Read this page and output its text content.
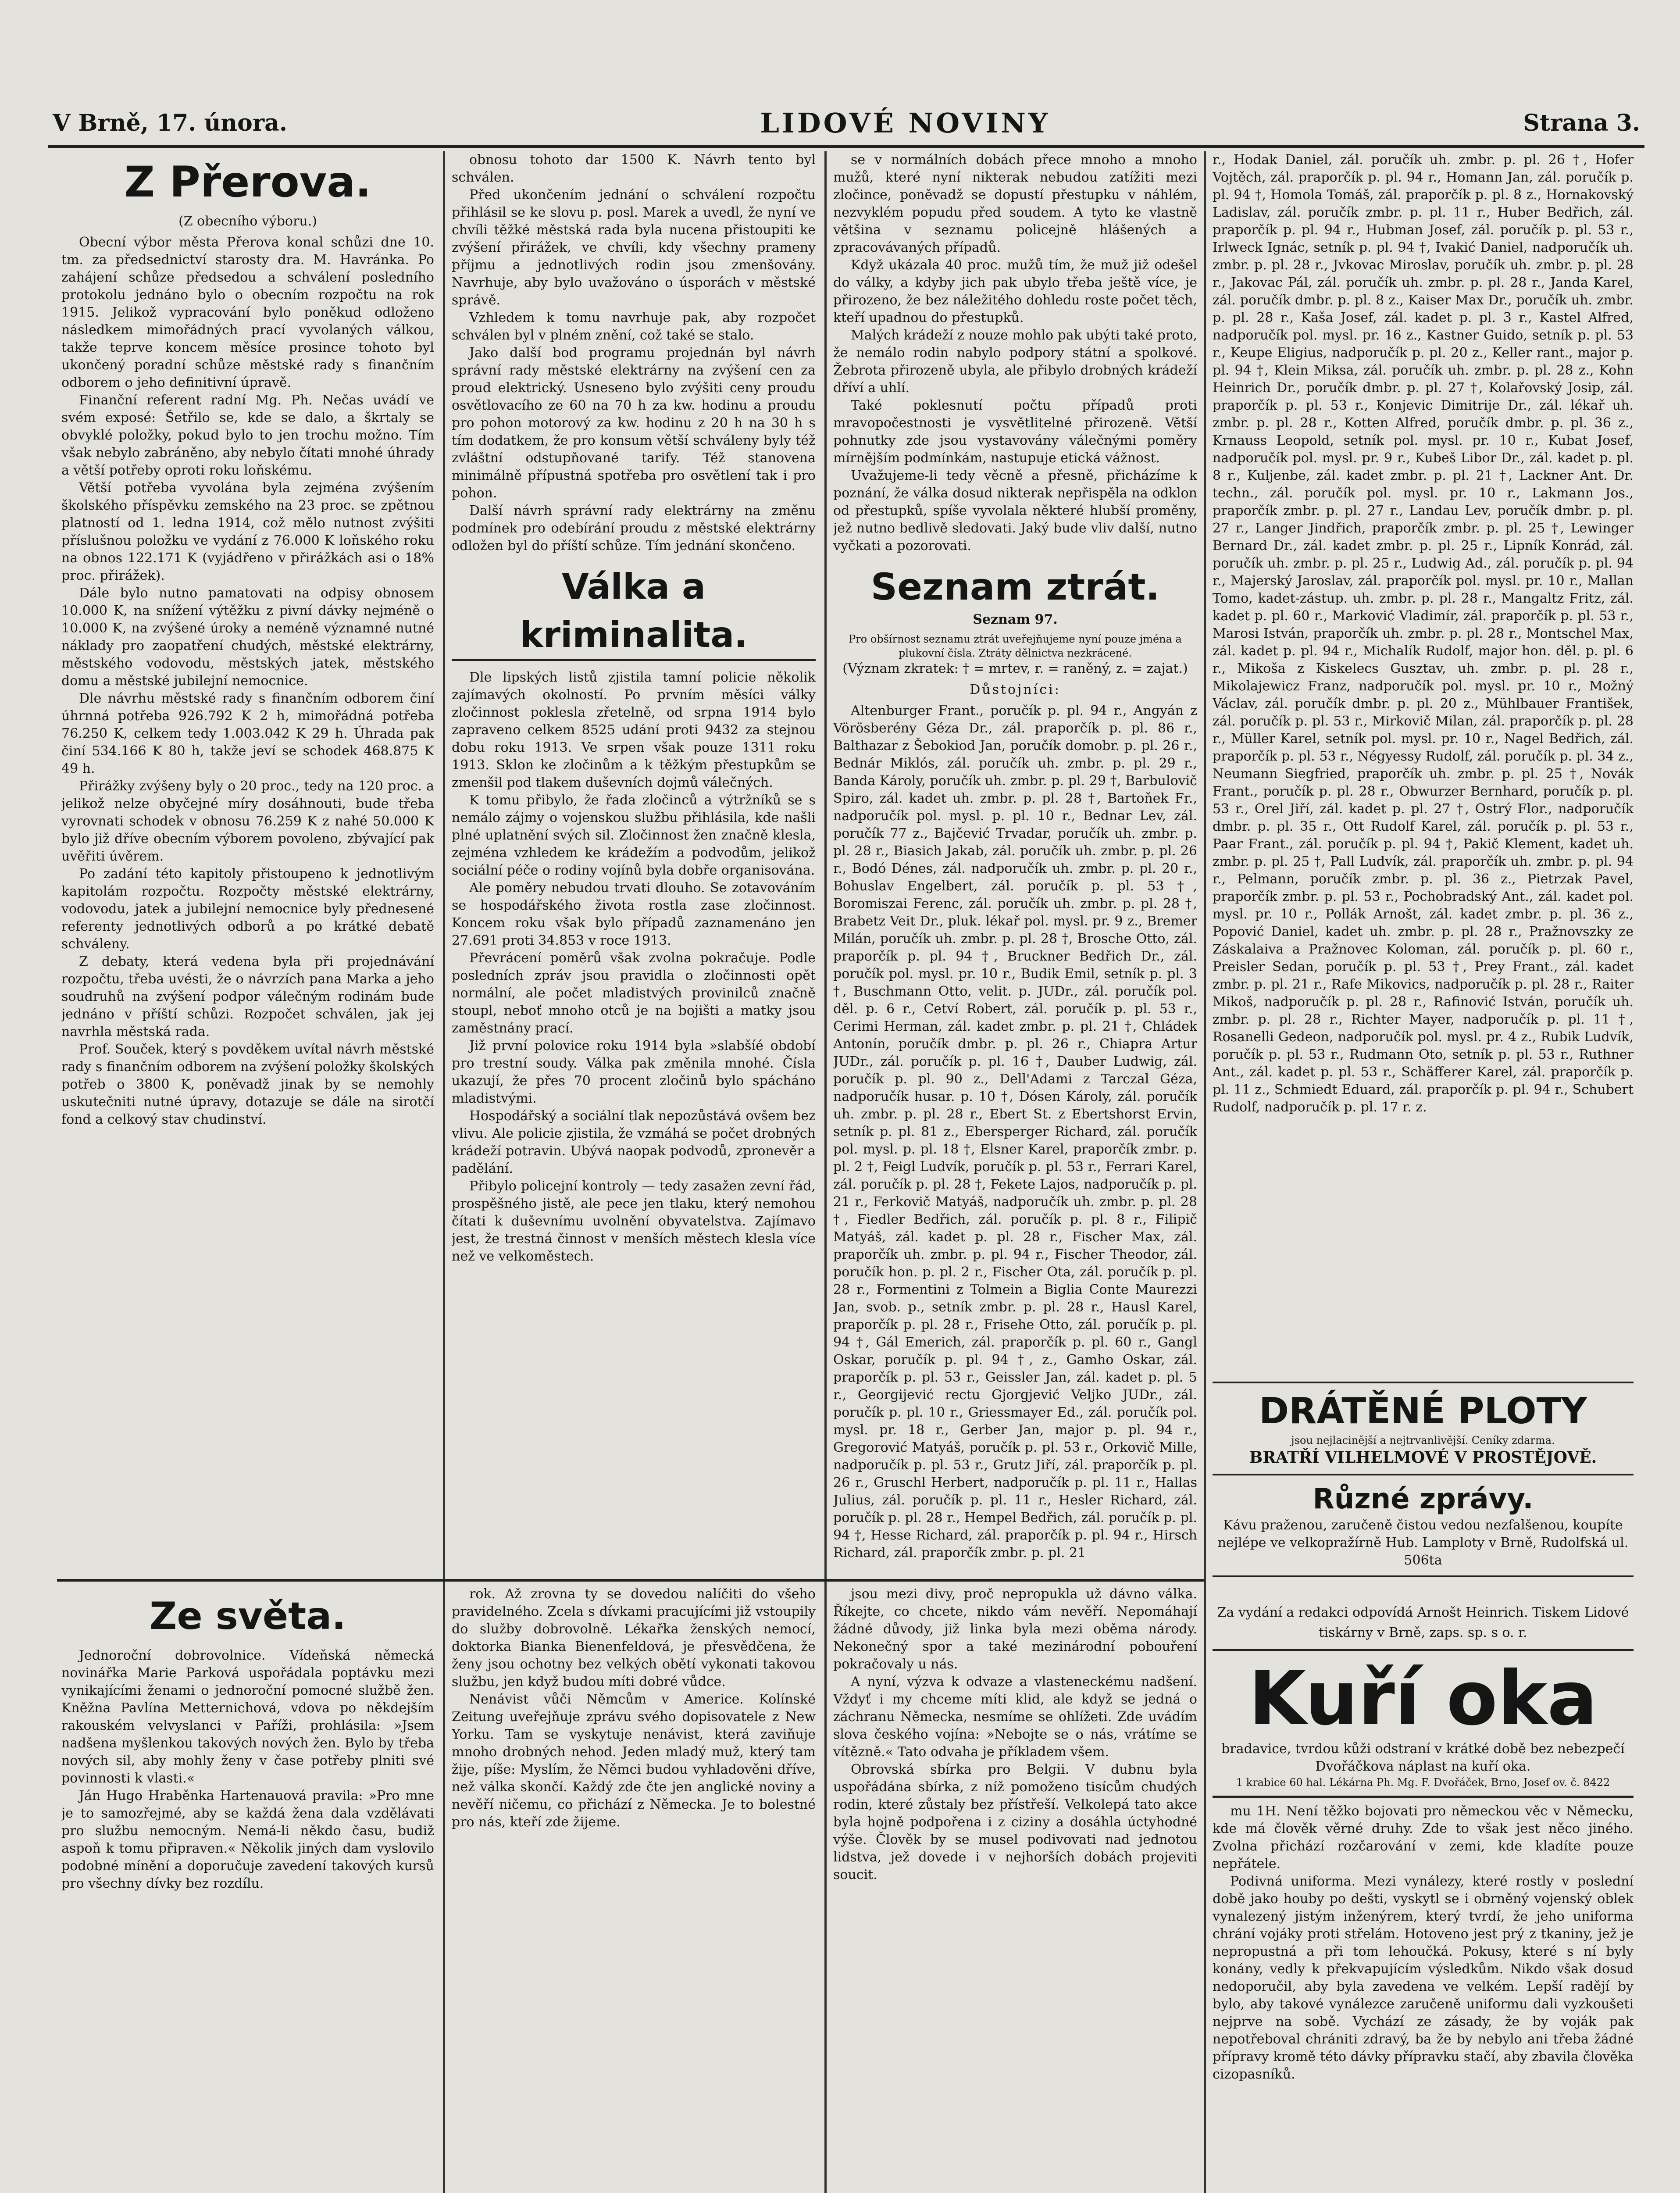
V Brně, 17. února.	LIDOVÉ NOVINY	Strana 3.
Z Přerova.
(Z obecního výboru.)

Obecní výbor města Přerova konal schůzi dne 10. tm. za předsednictví starosty dra. M. Havránka. Po zahájení schůze předsedou a schválení posledního protokolu jednáno bylo o obecním rozpočtu na rok 1915. Jelikož vypracování bylo poněkud odloženo následkem mimořádných prací vyvolaných válkou, takže teprve koncem měsíce prosince tohoto byl ukončený poradní schůze městské rady s finančním odborem o jeho definitivní úpravě.

Finanční referent radní Mg. Ph. Nečas uvádí ve svém exposé: Šetřilo se, kde se dalo, a škrtaly se obvyklé položky, pokud bylo to jen trochu možno. Tím však nebylo zabráněno, aby nebylo čítati mnohé úhrady a větší potřeby oproti roku loňskému.

Větší potřeba vyvolána byla zejména zvýšením školského příspěvku zemského na 23 proc. se zpětnou platností od 1. ledna 1914, což mělo nutnost zvýšiti příslušnou položku ve vydání z 76.000 K loňského roku na obnos 122.171 K (vyjádřeno v přirážkách asi o 18% proc. přirážek).

Dále bylo nutno pamatovati na odpisy obnosem 10.000 K, na snížení výtěžku z pivní dávky nejméně o 10.000 K, na zvýšené úroky a neméně významné nutné náklady pro zaopatření chudých, městské elektrárny, městského vodovodu, městských jatek, městského domu a městské jubilejní nemocnice.

Dle návrhu městské rady s finančním odborem činí úhrnná potřeba 926.792 K 2 h, mimořádná potřeba 76.250 K, celkem tedy 1.003.042 K 29 h. Úhrada pak činí 534.166 K 80 h, takže jeví se schodek 468.875 K 49 h.

Přirážky zvýšeny byly o 20 proc., tedy na 120 proc. a jelikož nelze obyčejné míry dosáhnouti, bude třeba vyrovnati schodek v obnosu 76.259 K z nahé 50.000 K bylo již dříve obecním výborem povoleno, zbývající pak uvěřiti úvěrem.

Po zadání této kapitoly přistoupeno k jednotlivým kapitolám rozpočtu. Rozpočty městské elektrárny, vodovodu, jatek a jubilejní nemocnice byly přednesené referenty jednotlivých odborů a po krátké debatě schváleny.

Z debaty, která vedena byla při projednávání rozpočtu, třeba uvésti, že o návrzích pana Marka a jeho soudruhů na zvýšení podpor válečným rodinám bude jednáno v příští schůzi. Rozpočet schválen, jak jej navrhla městská rada.

Prof. Souček, který s povděkem uvítal návrh městské rady s finančním odborem na zvýšení položky školských potřeb o 3800 K, poněvadž jinak by se nemohly uskutečniti nutné úpravy, dotazuje se dále na sirotčí fond a celkový stav chudinství.

Ze světa.

Jednoroční dobrovolnice. Vídeňská německá novinářka Marie Parková uspořádala poptávku mezi vynikajícími ženami o jednoroční pomocné službě žen. Kněžna Pavlína Metternichová, vdova po někdejším rakouském velvyslanci v Paříži, prohlásila: »Jsem nadšena myšlenkou takových nových žen. Bylo by třeba nových sil, aby mohly ženy v čase potřeby plniti své povinnosti k vlasti.«

Ján Hugo Hraběnka Hartenauová pravila: »Pro mne je to samozřejmé, aby se každá žena dala vzdělávati pro službu nemocným. Nemá-li někdo času, budiž aspoň k tomu připraven.« Několik jiných dam vyslovilo podobné mínění a doporučuje zavedení takových kursů pro všechny dívky bez rozdílu.

obnosu tohoto dar 1500 K. Návrh tento byl schválen.

Před ukončením jednání o schválení rozpočtu přihlásil se ke slovu p. posl. Marek a uvedl, že nyní ve chvíli těžké městská rada byla nucena přistoupiti ke zvýšení přirážek, ve chvíli, kdy všechny prameny příjmu a jednotlivých rodin jsou zmenšovány. Navrhuje, aby bylo uvažováno o úsporách v městské správě.

Vzhledem k tomu navrhuje pak, aby rozpočet schválen byl v plném znění, což také se stalo.

Jako další bod programu projednán byl návrh správní rady městské elektrárny na zvýšení cen za proud elektrický. Usneseno bylo zvýšiti ceny proudu osvětlovacího ze 60 na 70 h za kw. hodinu a proudu pro pohon motorový za kw. hodinu z 20 h na 30 h s tím dodatkem, že pro konsum větší schváleny byly též zvláštní odstupňované tarify. Též stanovena minimálně přípustná spotřeba pro osvětlení tak i pro pohon.

Další návrh správní rady elektrárny na změnu podmínek pro odebírání proudu z městské elektrárny odložen byl do příští schůze. Tím jednání skončeno.

Válka a kriminalita.

Dle lipských listů zjistila tamní policie několik zajímavých okolností. Po prvním měsíci války zločinnost poklesla zřetelně, od srpna 1914 bylo zapraveno celkem 8525 udání proti 9432 za stejnou dobu roku 1913. Ve srpen však pouze 1311 roku 1913. Sklon ke zločinům a k těžkým přestupkům se zmenšil pod tlakem duševních dojmů válečných.

K tomu přibylo, že řada zločinců a výtržníků se s nemálo zájmy o vojenskou službu přihlásila, kde našli plné uplatnění svých sil. Zločinnost žen značně klesla, zejména vzhledem ke krádežím a podvodům, jelikož sociální péče o rodiny vojínů byla dobře organisována.

Ale poměry nebudou trvati dlouho. Se zotavováním se hospodářského života rostla zase zločinnost. Koncem roku však bylo případů zaznamenáno jen 27.691 proti 34.853 v roce 1913.

Převrácení poměrů však zvolna pokračuje. Podle posledních zpráv jsou pravidla o zločinnosti opět normální, ale počet mladistvých provinilců značně stoupl, neboť mnoho otců je na bojišti a matky jsou zaměstnány prací.

Již první polovice roku 1914 byla »slabšíé období pro trestní soudy. Válka pak změnila mnohé. Čísla ukazují, že přes 70 procent zločinů bylo spácháno mladistvými.

Hospodářský a sociální tlak nepozůstává ovšem bez vlivu. Ale policie zjistila, že vzmáhá se počet drobných krádeží potravin. Ubývá naopak podvodů, zpronevěr a padělání.

Přibylo policejní kontroly — tedy zasažen zevní řád, prospěšného jistě, ale pece jen tlaku, který nemohou čítati k duševnímu uvolnění obyvatelstva. Zajímavo jest, že trestná činnost v menších městech klesla více než ve velkoměstech.

rok. Až zrovna ty se dovedou nalíčiti do všeho pravidelného. Zcela s dívkami pracujícími již vstoupily do služby dobrovolně. Lékařka ženských nemocí, doktorka Bianka Bienenfeldová, je přesvědčena, že ženy jsou ochotny bez velkých obětí vykonati takovou službu, jen když budou míti dobré vůdce.

Nenávist vůči Němcům v Americe. Kolínské Zeitung uveřejňuje zprávu svého dopisovatele z New Yorku. Tam se vyskytuje nenávist, která zaviňuje mnoho drobných nehod. Jeden mladý muž, který tam žije, píše: Myslím, že Němci budou vyhladověni dříve, než válka skončí. Každý zde čte jen anglické noviny a nevěří ničemu, co přichází z Německa. Je to bolestné pro nás, kteří zde žijeme.

se v normálních dobách přece mnoho a mnoho mužů, které nyní nikterak nebudou zatížiti mezi zločince, poněvadž se dopustí přestupku v náhlém, nezvyklém popudu před soudem. A tyto ke vlastně většina v seznamu policejně hlášených a zpracovávaných případů.

Když ukázala 40 proc. mužů tím, že muž již odešel do války, a kdyby jich pak ubylo třeba ještě více, je přirozeno, že bez náležitého dohledu roste počet těch, kteří upadnou do přestupků.

Malých krádeží z nouze mohlo pak ubýti také proto, že nemálo rodin nabylo podpory státní a spolkové. Žebrota přirozeně ubyla, ale přibylo drobných krádeží dříví a uhlí.

Také poklesnutí počtu případů proti mravopočestnosti je vysvětlitelné přirozeně. Větší pohnutky zde jsou vystavovány válečnými poměry mírnějším podmínkám, nastupuje etická vážnost.

Uvažujeme-li tedy věcně a přesně, přicházíme k poznání, že válka dosud nikterak nepřispěla na odklon od přestupků, spíše vyvolala některé hlubší proměny, jež nutno bedlivě sledovati. Jaký bude vliv další, nutno vyčkati a pozorovati.

Seznam ztrát.
Seznam 97.
Pro obšírnost seznamu ztrát uveřejňujeme nyní pouze jména a plukovní čísla. Ztráty dělnictva nezkrácené.
(Význam zkratek: † = mrtev, r. = raněný, z. = zajat.)
Důstojníci:

Altenburger Frant., poručík p. pl. 94 r., Angyán z Vörösberény Géza Dr., zál. praporčík p. pl. 86 r., Balthazar z Šebokiod Jan, poručík domobr. p. pl. 26 r., Bednár Miklós, zál. poručík uh. zmbr. p. pl. 29 r., Banda Károly, poručík uh. zmbr. p. pl. 29 †, Barbulovič Spiro, zál. kadet uh. zmbr. p. pl. 28 †, Bartoňek Fr., nadporučík pol. mysl. p. pl. 10 r., Bednar Lev, zál. poručík 77 z., Bajčević Trvadar, poručík uh. zmbr. p. pl. 28 r., Biasich Jakab, zál. poručík uh. zmbr. p. pl. 26 r., Bodó Dénes, zál. nadporučík uh. zmbr. p. pl. 20 r., Bohuslav Engelbert, zál. poručík p. pl. 53 †, Boromiszai Ferenc, zál. poručík uh. zmbr. p. pl. 28 †, Brabetz Veit Dr., pluk. lékař pol. mysl. pr. 9 z., Bremer Milán, poručík uh. zmbr. p. pl. 28 †, Brosche Otto, zál. praporčík p. pl. 94 †, Bruckner Bedřich Dr., zál. poručík pol. mysl. pr. 10 r., Budik Emil, setník p. pl. 3 †, Buschmann Otto, velit. p. JUDr., zál. poručík pol. děl. p. 6 r., Cetví Robert, zál. poručík p. pl. 53 r., Cerimi Herman, zál. kadet zmbr. p. pl. 21 †, Chládek Antonín, poručík dmbr. p. pl. 26 r., Chiapra Artur JUDr., zál. poručík p. pl. 16 †, Dauber Ludwig, zál. poručík p. pl. 90 z., Dell'Adami z Tarczal Géza, nadporučík husar. p. 10 †, Dósen Károly, zál. poručík uh. zmbr. p. pl. 28 r., Ebert St. z Ebertshorst Ervin, setník p. pl. 81 z., Ebersperger Richard, zál. poručík pol. mysl. p. pl. 18 †, Elsner Karel, praporčík zmbr. p. pl. 2 †, Feigl Ludvík, poručík p. pl. 53 r., Ferrari Karel, zál. poručík p. pl. 28 †, Fekete Lajos, nadporučík p. pl. 21 r., Ferkovič Matyáš, nadporučík uh. zmbr. p. pl. 28 †, Fiedler Bedřich, zál. poručík p. pl. 8 r., Filipič Matyáš, zál. kadet p. pl. 28 r., Fischer Max, zál. praporčík uh. zmbr. p. pl. 94 r., Fischer Theodor, zál. poručík hon. p. pl. 2 r., Fischer Ota, zál. poručík p. pl. 28 r., Formentini z Tolmein a Biglia Conte Maurezzi Jan, svob. p., setník zmbr. p. pl. 28 r., Hausl Karel, praporčík p. pl. 28 r., Frisehe Otto, zál. poručík p. pl. 94 †, Gál Emerich, zál. praporčík p. pl. 60 r., Gangl Oskar, poručík p. pl. 94 †, z., Gamho Oskar, zál. praporčík p. pl. 53 r., Geissler Jan, zál. kadet p. pl. 5 r., Georgijević rectu Gjorgjević Veljko JUDr., zál. poručík p. pl. 10 r., Griessmayer Ed., zál. poručík pol. mysl. pr. 18 r., Gerber Jan, major p. pl. 94 r., Gregorović Matyáš, poručík p. pl. 53 r., Orkovič Mille, nadporučík p. pl. 53 r., Grutz Jiří, zál. praporčík p. pl. 26 r., Gruschl Herbert, nadporučík p. pl. 11 r., Hallas Julius, zál. poručík p. pl. 11 r., Hesler Richard, zál. poručík p. pl. 28 r., Hempel Bedřich, zál. poručík p. pl. 94 †, Hesse Richard, zál. praporčík p. pl. 94 r., Hirsch Richard, zál. praporčík zmbr. p. pl. 21

jsou mezi divy, proč nepropukla už dávno válka. Říkejte, co chcete, nikdo vám nevěří. Nepomáhají žádné důvody, již linka byla mezi oběma národy. Nekonečný spor a také mezinárodní pobouření pokračovaly u nás.

A nyní, výzva k odvaze a vlasteneckému nadšení. Vždyť i my chceme míti klid, ale když se jedná o záchranu Německa, nesmíme se ohlížeti. Zde uvádím slova českého vojína: »Nebojte se o nás, vrátíme se vítězně.« Tato odvaha je příkladem všem.

Obrovská sbírka pro Belgii. V dubnu byla uspořádána sbírka, z níž pomoženo tisícům chudých rodin, které zůstaly bez přístřeší. Velkolepá tato akce byla hojně podpořena i z ciziny a dosáhla úctyhodné výše. Člověk by se musel podivovati nad jednotou lidstva, jež dovede i v nejhorších dobách projeviti soucit.

r., Hodak Daniel, zál. poručík uh. zmbr. p. pl. 26 †, Hofer Vojtěch, zál. praporčík p. pl. 94 r., Homann Jan, zál. poručík p. pl. 94 †, Homola Tomáš, zál. praporčík p. pl. 8 z., Hornakovský Ladislav, zál. poručík zmbr. p. pl. 11 r., Huber Bedřich, zál. praporčík p. pl. 94 r., Hubman Josef, zál. poručík p. pl. 53 r., Irlweck Ignác, setník p. pl. 94 †, Ivakić Daniel, nadporučík uh. zmbr. p. pl. 28 r., Jvkovac Miroslav, poručík uh. zmbr. p. pl. 28 r., Jakovac Pál, zál. poručík uh. zmbr. p. pl. 28 r., Janda Karel, zál. poručík dmbr. p. pl. 8 z., Kaiser Max Dr., poručík uh. zmbr. p. pl. 28 r., Kaša Josef, zál. kadet p. pl. 3 r., Kastel Alfred, nadporučík pol. mysl. pr. 16 z., Kastner Guido, setník p. pl. 53 r., Keupe Eligius, nadporučík p. pl. 20 z., Keller rant., major p. pl. 94 †, Klein Miksa, zál. poručík uh. zmbr. p. pl. 28 z., Kohn Heinrich Dr., poručík dmbr. p. pl. 27 †, Kolařovský Josip, zál. praporčík p. pl. 53 r., Konjevic Dimitrije Dr., zál. lékař uh. zmbr. p. pl. 28 r., Kotten Alfred, poručík dmbr. p. pl. 36 z., Krnauss Leopold, setník pol. mysl. pr. 10 r., Kubat Josef, nadporučík pol. mysl. pr. 9 r., Kubeš Libor Dr., zál. kadet p. pl. 8 r., Kuljenbe, zál. kadet zmbr. p. pl. 21 †, Lackner Ant. Dr. techn., zál. poručík pol. mysl. pr. 10 r., Lakmann Jos., praporčík zmbr. p. pl. 27 r., Landau Lev, poručík dmbr. p. pl. 27 r., Langer Jindřich, praporčík zmbr. p. pl. 25 †, Lewinger Bernard Dr., zál. kadet zmbr. p. pl. 25 r., Lipník Konrád, zál. poručík uh. zmbr. p. pl. 25 r., Ludwig Ad., zál. poručík p. pl. 94 r., Majerský Jaroslav, zál. praporčík pol. mysl. pr. 10 r., Mallan Tomo, kadet-zástup. uh. zmbr. p. pl. 28 r., Mangaltz Fritz, zál. kadet p. pl. 60 r., Marković Vladimír, zál. praporčík p. pl. 53 r., Marosi István, praporčík uh. zmbr. p. pl. 28 r., Montschel Max, zál. kadet p. pl. 94 r., Michalík Rudolf, major hon. děl. p. pl. 6 r., Mikoša z Kiskelecs Gusztav, uh. zmbr. p. pl. 28 r., Mikolajewicz Franz, nadporučík pol. mysl. pr. 10 r., Možný Václav, zál. poručík dmbr. p. pl. 20 z., Mühlbauer František, zál. poručík p. pl. 53 r., Mirkovič Milan, zál. praporčík p. pl. 28 r., Müller Karel, setník pol. mysl. pr. 10 r., Nagel Bedřich, zál. praporčík p. pl. 53 r., Négyessy Rudolf, zál. poručík p. pl. 34 z., Neumann Siegfried, praporčík uh. zmbr. p. pl. 25 †, Novák Frant., poručík p. pl. 28 r., Obwurzer Bernhard, poručík p. pl. 53 r., Orel Jiří, zál. kadet p. pl. 27 †, Ostrý Flor., nadporučík dmbr. p. pl. 35 r., Ott Rudolf Karel, zál. poručík p. pl. 53 r., Paar Frant., zál. poručík p. pl. 94 †, Pakič Klement, kadet uh. zmbr. p. pl. 25 †, Pall Ludvík, zál. praporčík uh. zmbr. p. pl. 94 r., Pelmann, poručík zmbr. p. pl. 36 z., Pietrzak Pavel, praporčík zmbr. p. pl. 53 r., Pochobradský Ant., zál. kadet pol. mysl. pr. 10 r., Pollák Arnošt, zál. kadet zmbr. p. pl. 36 z., Popović Daniel, kadet uh. zmbr. p. pl. 28 r., Pražnovszky ze Záskalaiva a Pražnovec Koloman, zál. poručík p. pl. 60 r., Preisler Sedan, poručík p. pl. 53 †, Prey Frant., zál. kadet zmbr. p. pl. 21 r., Rafe Mikovics, nadporučík p. pl. 28 r., Raiter Mikoš, nadporučík p. pl. 28 r., Rafinović István, poručík uh. zmbr. p. pl. 28 r., Richter Mayer, nadporučík p. pl. 11 †, Rosanelli Gedeon, nadporučík pol. mysl. pr. 4 z., Rubik Ludvík, poručík p. pl. 53 r., Rudmann Oto, setník p. pl. 53 r., Ruthner Ant., zál. kadet p. pl. 53 r., Schäfferer Karel, zál. praporčík p. pl. 11 z., Schmiedt Eduard, zál. praporčík p. pl. 94 r., Schubert Rudolf, nadporučík p. pl. 17 r. z.

DRÁTĚNÉ PLOTY
jsou nejlacinější a nejtrvanlivější. Ceníky zdarma.
BRATŘÍ VILHELMOVÉ V PROSTĚJOVĚ.
Různé zprávy.
Kávu praženou, zaručeně čistou vedou nezfalšenou, koupíte nejlépe ve velkopražírně Hub. Lamploty v Brně, Rudolfská ul. 506ta
Za vydání a redakci odpovídá Arnošt Heinrich. Tiskem Lidové tiskárny v Brně, zaps. sp. s o. r.
Kuří oka
bradavice, tvrdou kůži odstraní v krátké době bez nebezpečí Dvořáčkova náplast na kuří oka.
1 krabice 60 hal. Lékárna Ph. Mg. F. Dvořáček, Brno, Josef ov. č. 8422

mu 1H. Není těžko bojovati pro německou věc v Německu, kde má člověk věrné druhy. Zde to však jest něco jiného. Zvolna přichází rozčarování v zemi, kde kladíte pouze nepřátele.

Podivná uniforma. Mezi vynálezy, které rostly v poslední době jako houby po dešti, vyskytl se i obrněný vojenský oblek vynalezený jistým inženýrem, který tvrdí, že jeho uniforma chrání vojáky proti střelám. Hotoveno jest prý z tkaniny, jež je nepropustná a při tom lehoučká. Pokusy, které s ní byly konány, vedly k překvapujícím výsledkům. Nikdo však dosud nedoporučil, aby byla zavedena ve velkém. Lepší radějí by bylo, aby takové vynálezce zaručeně uniformu dali vyzkoušeti nejprve na sobě. Vychází ze zásady, že by voják pak nepotřeboval chrániti zdravý, ba že by nebylo ani třeba žádné přípravy kromě této dávky přípravku stačí, aby zbavila člověka cizopasníků.
